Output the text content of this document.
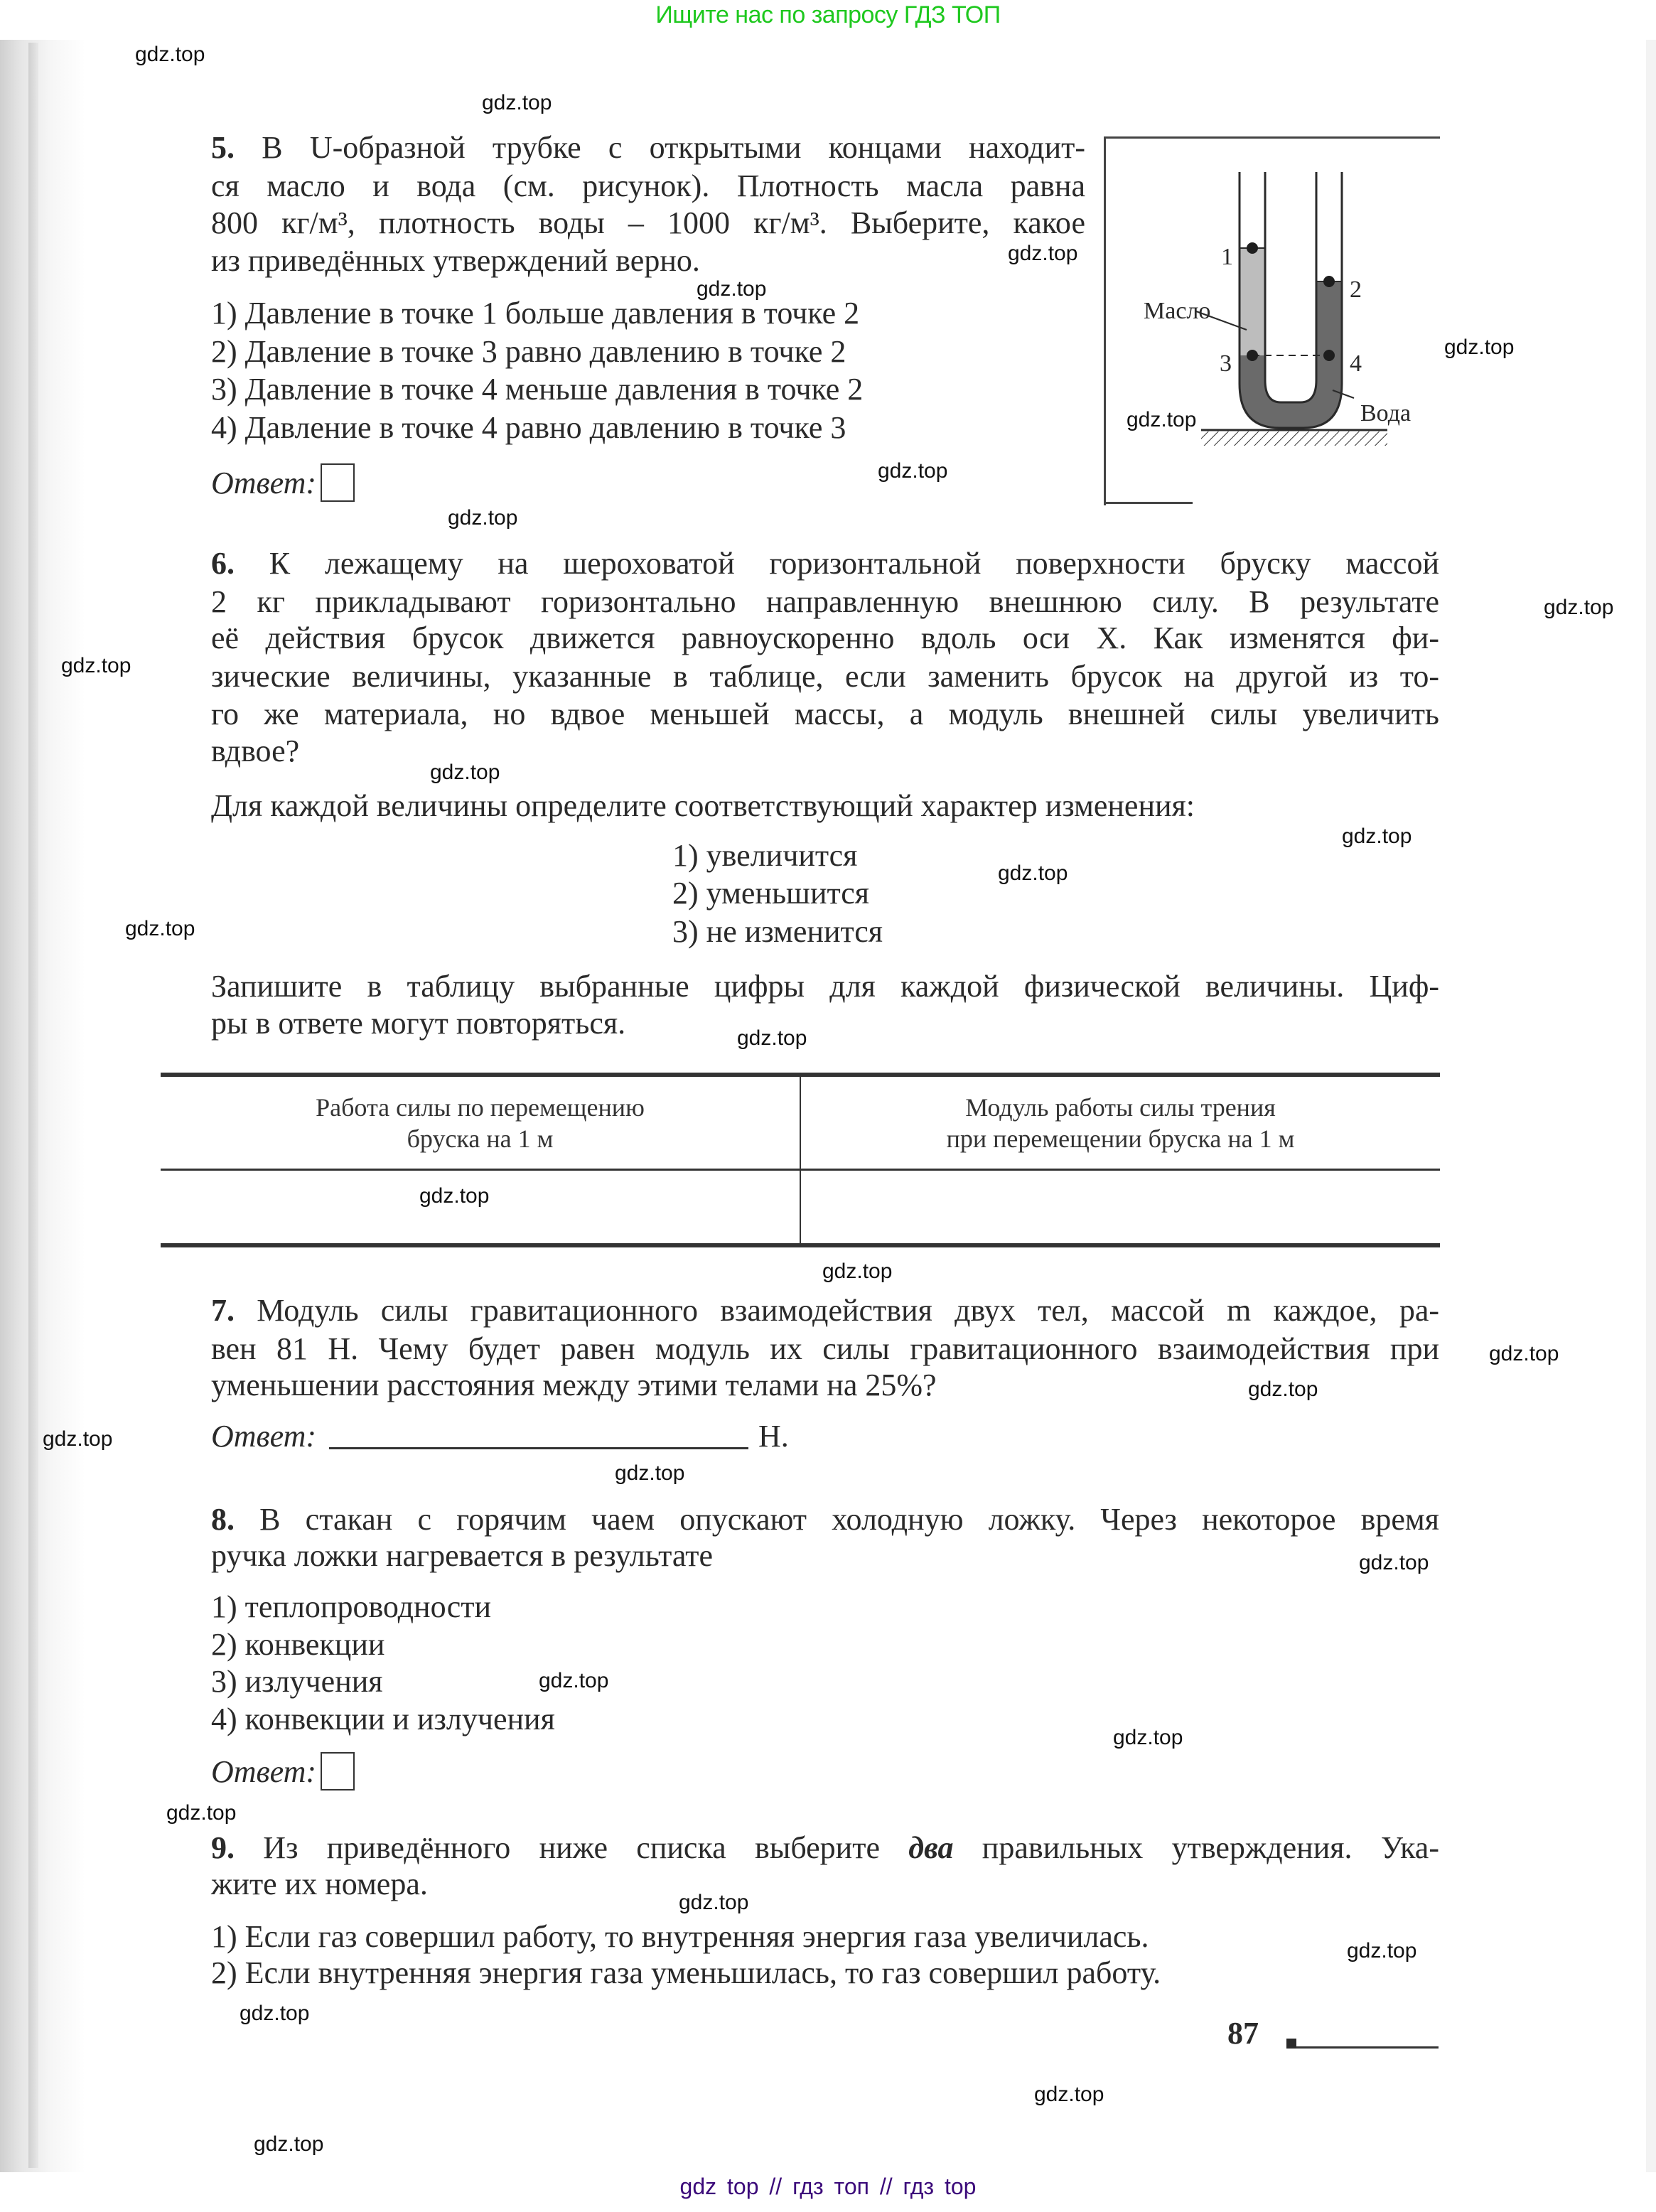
Ищите нас по запросу ГДЗ ТОП
5. В U-образной трубке с открытыми концами находит-
ся масло и вода (см. рисунок). Плотность масла равна
800 кг/м³, плотность воды – 1000 кг/м³. Выберите, какое
из приведённых утверждений верно.
1) Давление в точке 1 больше давления в точке 2
2) Давление в точке 3 равно давлению в точке 2
3) Давление в точке 4 меньше давления в точке 2
4) Давление в точке 4 равно давлению в точке 3
Ответ:
1
2
3	4
Масло
Вода
6. К лежащему на шероховатой горизонтальной поверхности бруску массой
2 кг прикладывают горизонтально направленную внешнюю силу. В результате
её действия брусок движется равноускоренно вдоль оси X. Как изменятся фи-
зические величины, указанные в таблице, если заменить брусок на другой из то-
го же материала, но вдвое меньшей массы, а модуль внешней силы увеличить
вдвое?
Для каждой величины определите соответствующий характер изменения:
1) увеличится
2) уменьшится
3) не изменится
Запишите в таблицу выбранные цифры для каждой физической величины. Циф-
ры в ответе могут повторяться.
Работа силы по перемещению
бруска на 1 м	Модуль работы силы трения
при перемещении бруска на 1 м

7. Модуль силы гравитационного взаимодействия двух тел, массой m каждое, ра-
вен 81 Н. Чему будет равен модуль их силы гравитационного взаимодействия при
уменьшении расстояния между этими телами на 25%?
Ответ:	Н.
8. В стакан с горячим чаем опускают холодную ложку. Через некоторое время
ручка ложки нагревается в результате
1) теплопроводности
2) конвекции
3) излучения
4) конвекции и излучения
Ответ:
9. Из приведённого ниже списка выберите два правильных утверждения. Ука-
жите их номера.
1) Если газ совершил работу, то внутренняя энергия газа увеличилась.
2) Если внутренняя энергия газа уменьшилась, то газ совершил работу.
87
gdz.top
gdz.top
gdz.top
gdz.top
gdz.top
gdz.top
gdz.top
gdz.top
gdz.top
gdz.top
gdz.top
gdz.top
gdz.top
gdz.top
gdz.top
gdz.top
gdz.top
gdz.top
gdz.top
gdz.top
gdz.top
gdz.top
gdz.top
gdz.top
gdz.top
gdz.top
gdz.top
gdz.top
gdz.top
gdz.top
gdz top // гдз топ // гдз top
